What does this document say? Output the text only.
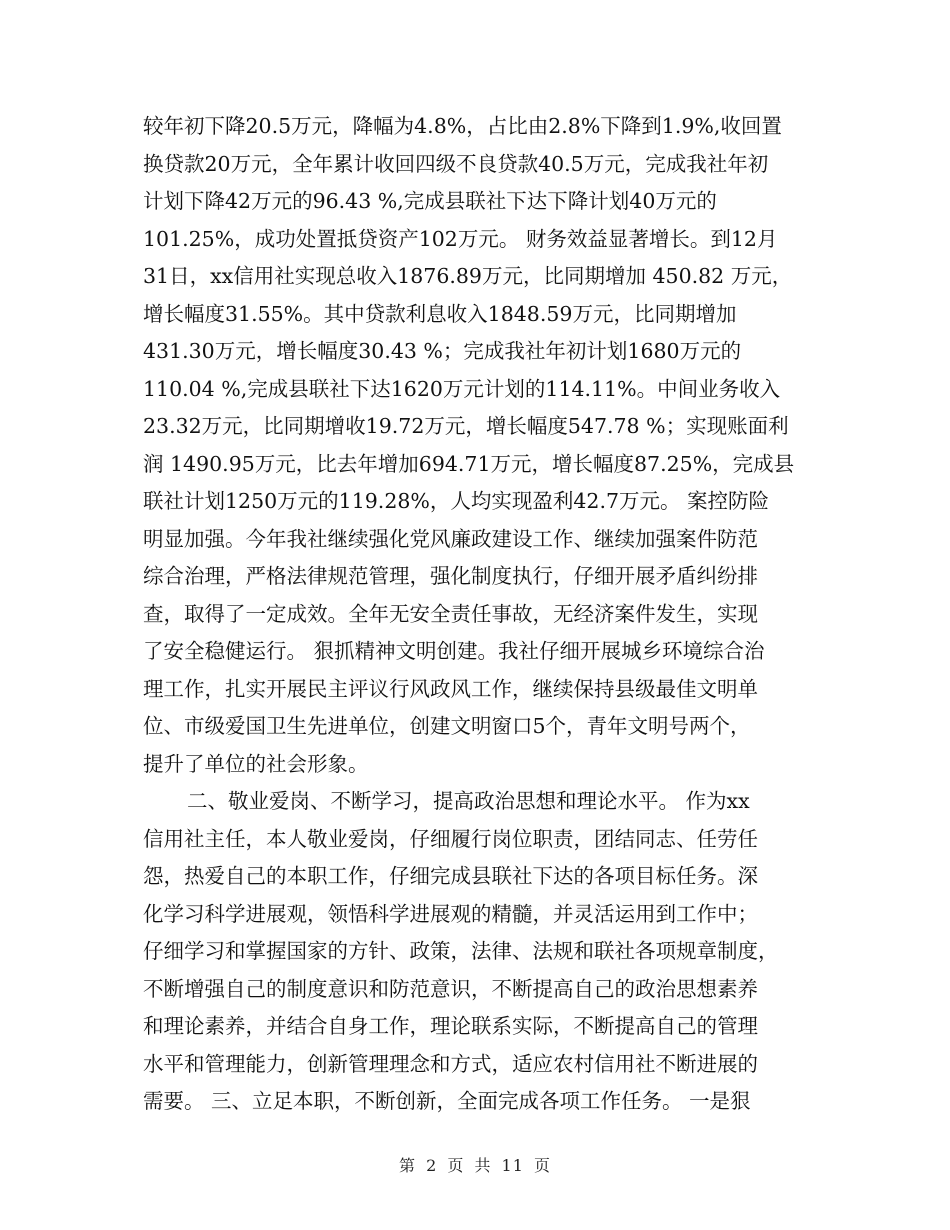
较年初下降20.5万元，降幅为4.8%，占比由2.8%下降到1.9%,收回置
换贷款20万元，全年累计收回四级不良贷款40.5万元，完成我社年初
计划下降42万元的96.43 %,完成县联社下达下降计划40万元的
101.25%，成功处置抵贷资产102万元。 财务效益显著增长。到12月
31日，xx信用社实现总收入1876.89万元，比同期增加 450.82 万元，
增长幅度31.55%。其中贷款利息收入1848.59万元，比同期增加
431.30万元，增长幅度30.43 %；完成我社年初计划1680万元的
110.04 %,完成县联社下达1620万元计划的114.11%。中间业务收入
23.32万元，比同期增收19.72万元，增长幅度547.78 %；实现账面利
润 1490.95万元，比去年增加694.71万元，增长幅度87.25%，完成县
联社计划1250万元的119.28%，人均实现盈利42.7万元。 案控防险
明显加强。今年我社继续强化党风廉政建设工作、继续加强案件防范
综合治理，严格法律规范管理，强化制度执行，仔细开展矛盾纠纷排
查，取得了一定成效。全年无安全责任事故，无经济案件发生，实现
了安全稳健运行。 狠抓精神文明创建。我社仔细开展城乡环境综合治
理工作，扎实开展民主评议行风政风工作，继续保持县级最佳文明单
位、市级爱国卫生先进单位，创建文明窗口5个，青年文明号两个，
提升了单位的社会形象。
二、敬业爱岗、不断学习，提高政治思想和理论水平。 作为xx
信用社主任，本人敬业爱岗，仔细履行岗位职责，团结同志、任劳任
怨，热爱自己的本职工作，仔细完成县联社下达的各项目标任务。深
化学习科学进展观，领悟科学进展观的精髓，并灵活运用到工作中；
仔细学习和掌握国家的方针、政策，法律、法规和联社各项规章制度，
不断增强自己的制度意识和防范意识，不断提高自己的政治思想素养
和理论素养，并结合自身工作，理论联系实际，不断提高自己的管理
水平和管理能力，创新管理理念和方式，适应农村信用社不断进展的
需要。 三、立足本职，不断创新，全面完成各项工作任务。 一是狠
第 2 页 共 11 页
